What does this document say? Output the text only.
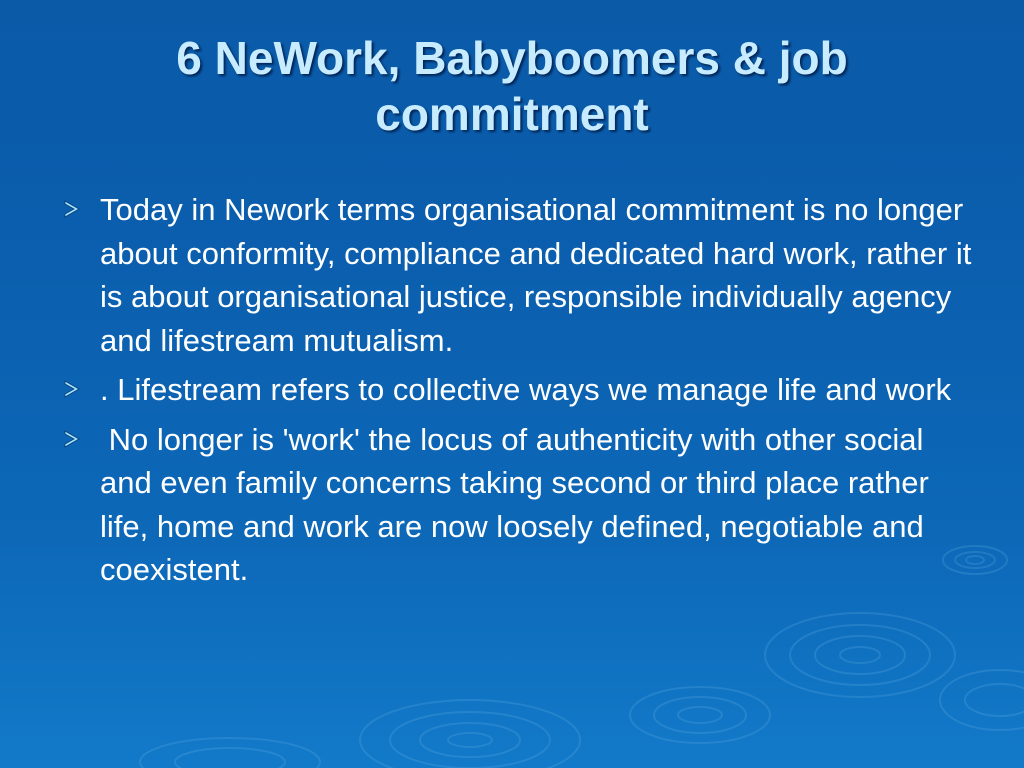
6 NeWork, Babyboomers & job commitment
Today in Nework terms organisational commitment is no longer about conformity, compliance and dedicated hard work, rather it is about organisational justice, responsible individually agency and lifestream mutualism.
. Lifestream refers to collective ways we manage life and work
No longer is 'work' the locus of authenticity with other social and even family concerns taking second or third place rather life, home and work are now loosely defined, negotiable and coexistent.
